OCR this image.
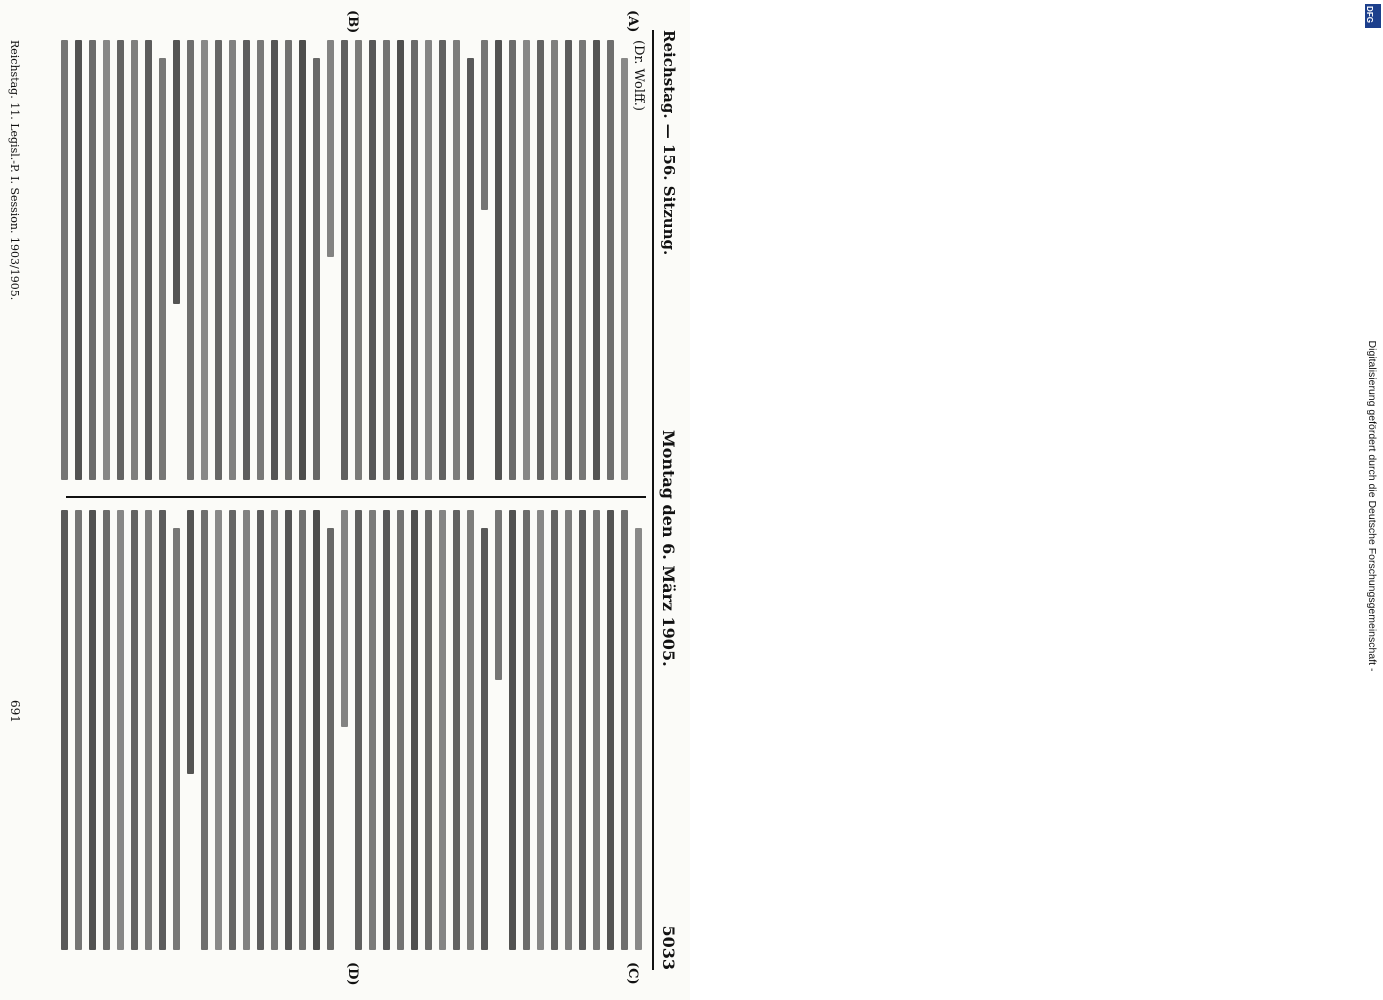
Reichstag. — 156. Sitzung.
Montag den 6. März 1905.
5033
(A)
(B)
(C)
(D)
(Dr. Wolff.)
Reichstag. 11. Legisl.-P. I. Session. 1903/1905.
691
Digitalisierung gefördert durch die Deutsche Forschungsgemeinschaft -
DFG
